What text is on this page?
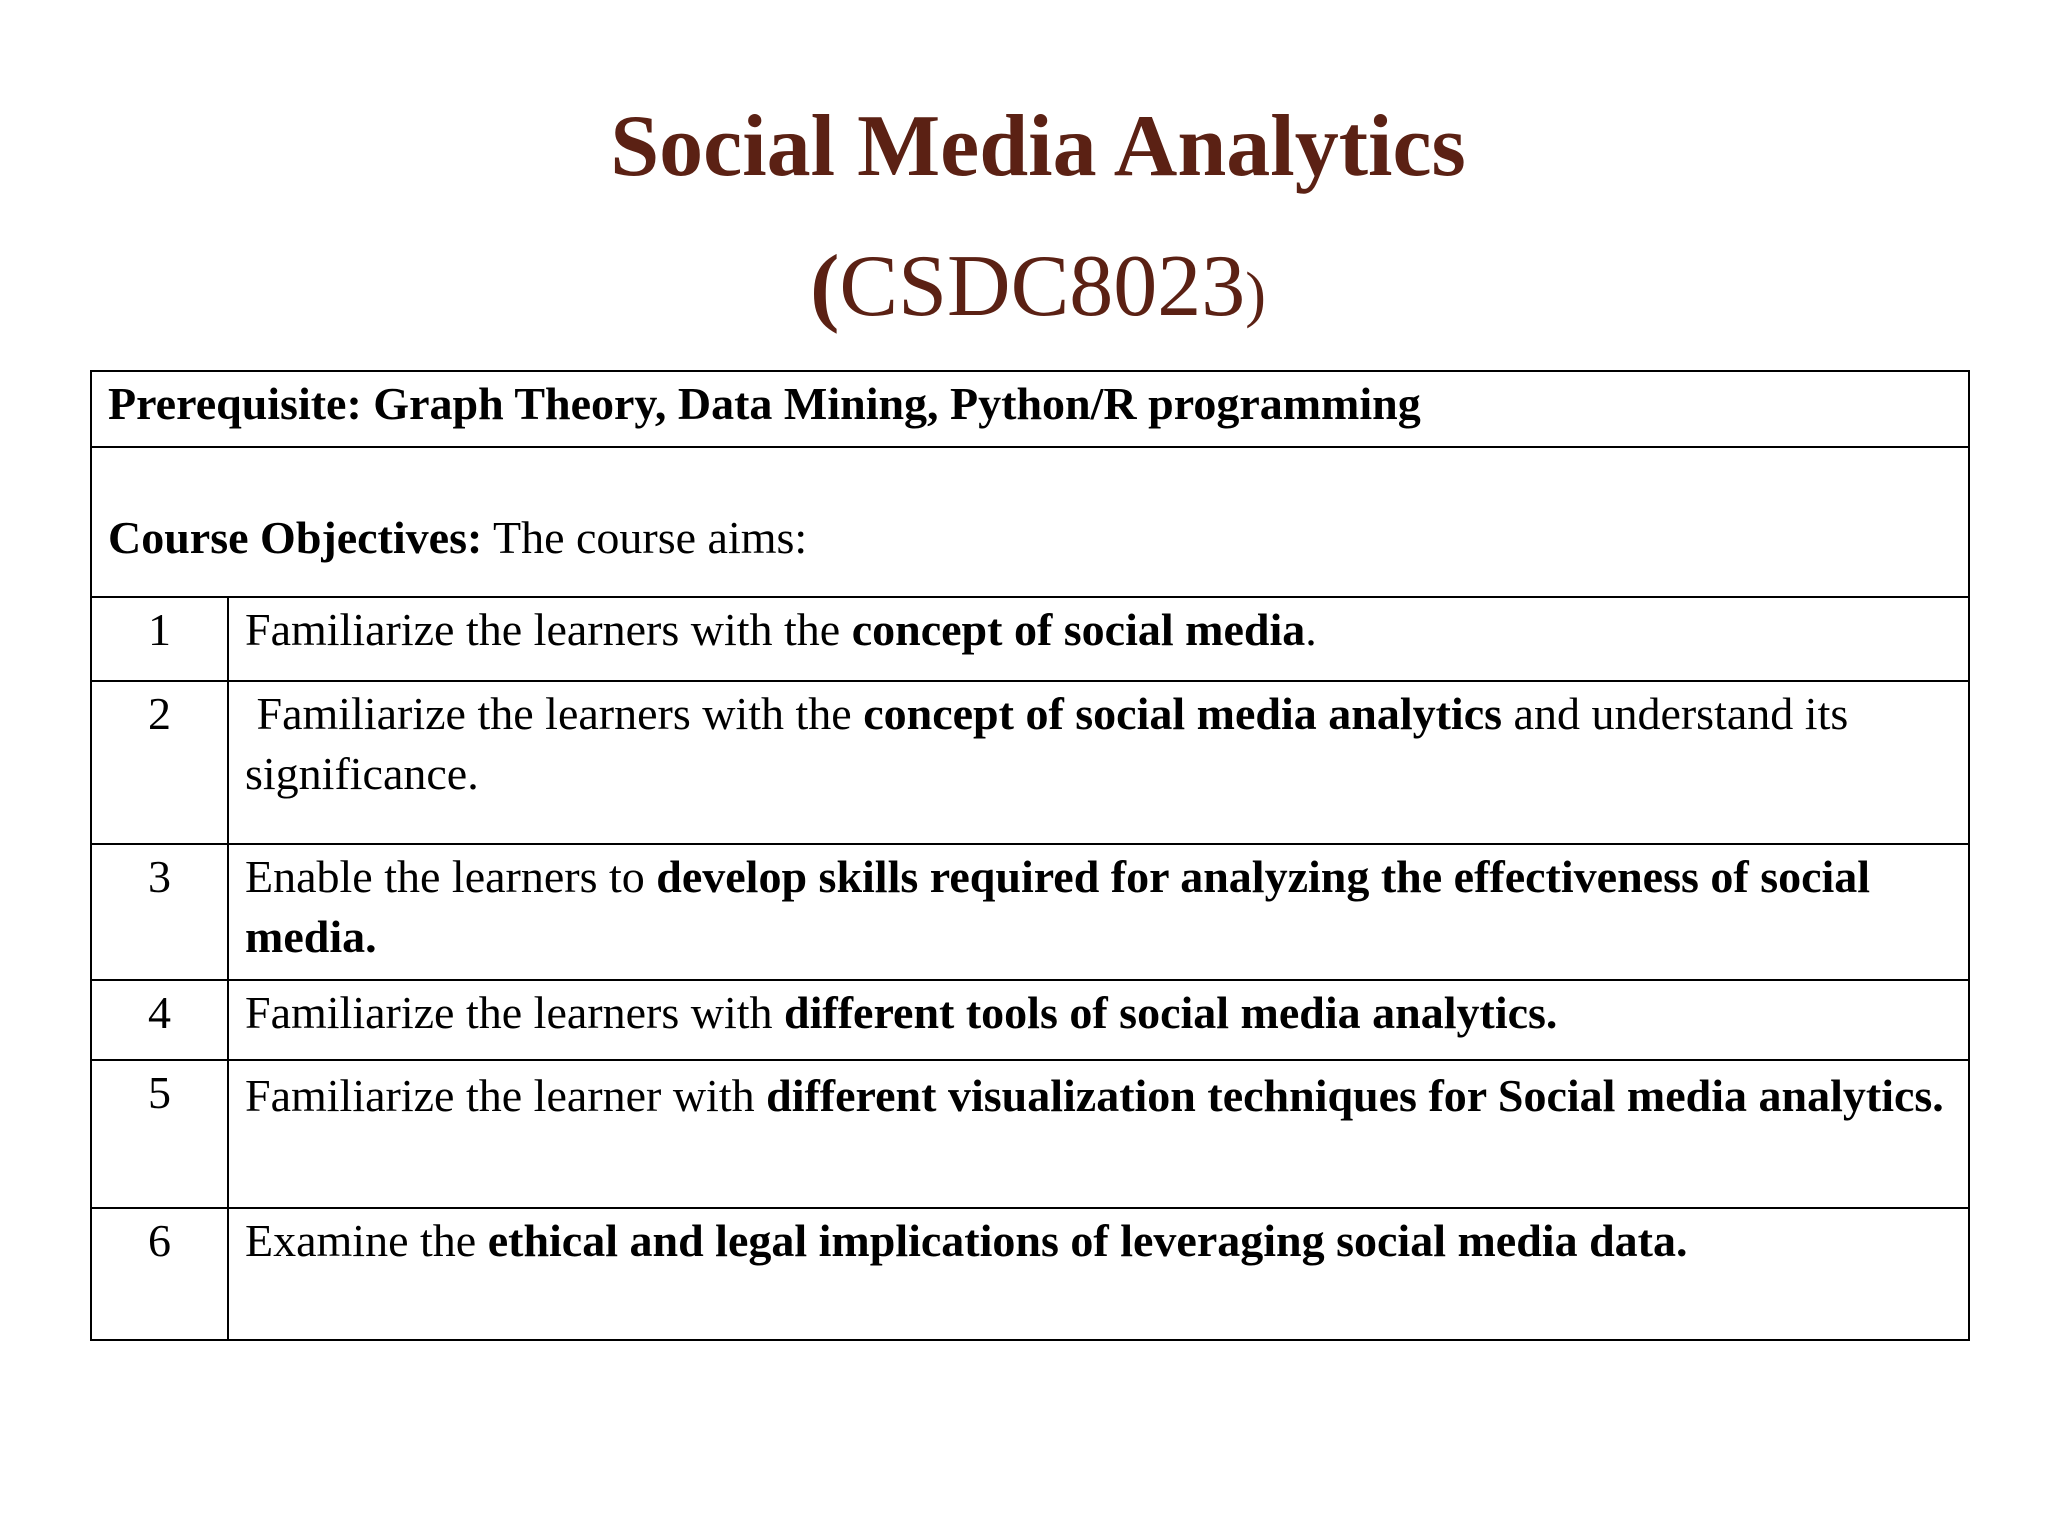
Social Media Analytics
(CSDC8023)
Prerequisite: Graph Theory, Data Mining, Python/R programming	
Course Objectives: The course aims:	
1	Familiarize the learners with the concept of social media.
2	Familiarize the learners with the concept of social media analytics and understand its significance.
3	Enable the learners to develop skills required for analyzing the effectiveness of social media.
4	Familiarize the learners with different tools of social media analytics.
5	Familiarize the learner with different visualization techniques for Social media analytics.
6	Examine the ethical and legal implications of leveraging social media data.
